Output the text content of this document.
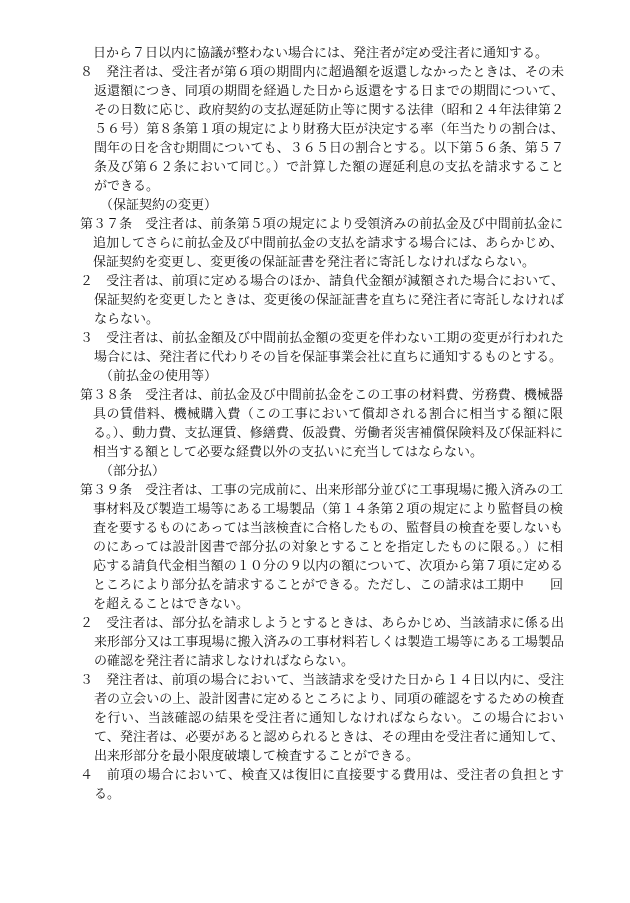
日から７日以内に協議が整わない場合には、発注者が定め受注者に通知する。

８　発注者は、受注者が第６項の期間内に超過額を返還しなかったときは、その未返還額につき、同項の期間を経過した日から返還をする日までの期間について、その日数に応じ、政府契約の支払遅延防止等に関する法律（昭和２４年法律第２５６号）第８条第１項の規定により財務大臣が決定する率（年当たりの割合は、閏年の日を含む期間についても、３６５日の割合とする。以下第５６条、第５７条及び第６２条において同じ。）で計算した額の遅延利息の支払を請求することができる。

（保証契約の変更）

第３７条　受注者は、前条第５項の規定により受領済みの前払金及び中間前払金に追加してさらに前払金及び中間前払金の支払を請求する場合には、あらかじめ、保証契約を変更し、変更後の保証証書を発注者に寄託しなければならない。

２　受注者は、前項に定める場合のほか、請負代金額が減額された場合において、保証契約を変更したときは、変更後の保証証書を直ちに発注者に寄託しなければならない。

３　受注者は、前払金額及び中間前払金額の変更を伴わない工期の変更が行われた場合には、発注者に代わりその旨を保証事業会社に直ちに通知するものとする。

（前払金の使用等）

第３８条　受注者は、前払金及び中間前払金をこの工事の材料費、労務費、機械器具の賃借料、機械購入費（この工事において償却される割合に相当する額に限る。）、動力費、支払運賃、修繕費、仮設費、労働者災害補償保険料及び保証料に相当する額として必要な経費以外の支払いに充当してはならない。

（部分払）

第３９条　受注者は、工事の完成前に、出来形部分並びに工事現場に搬入済みの工事材料及び製造工場等にある工場製品（第１４条第２項の規定により監督員の検査を要するものにあっては当該検査に合格したもの、監督員の検査を要しないものにあっては設計図書で部分払の対象とすることを指定したものに限る。）に相応する請負代金相当額の１０分の９以内の額について、次項から第７項に定めるところにより部分払を請求することができる。ただし、この請求は工期中 回を超えることはできない。

２　受注者は、部分払を請求しようとするときは、あらかじめ、当該請求に係る出来形部分又は工事現場に搬入済みの工事材料若しくは製造工場等にある工場製品の確認を発注者に請求しなければならない。

３　発注者は、前項の場合において、当該請求を受けた日から１４日以内に、受注者の立会いの上、設計図書に定めるところにより、同項の確認をするための検査を行い、当該確認の結果を受注者に通知しなければならない。この場合において、発注者は、必要があると認められるときは、その理由を受注者に通知して、出来形部分を最小限度破壊して検査することができる。

４　前項の場合において、検査又は復旧に直接要する費用は、受注者の負担とする。
